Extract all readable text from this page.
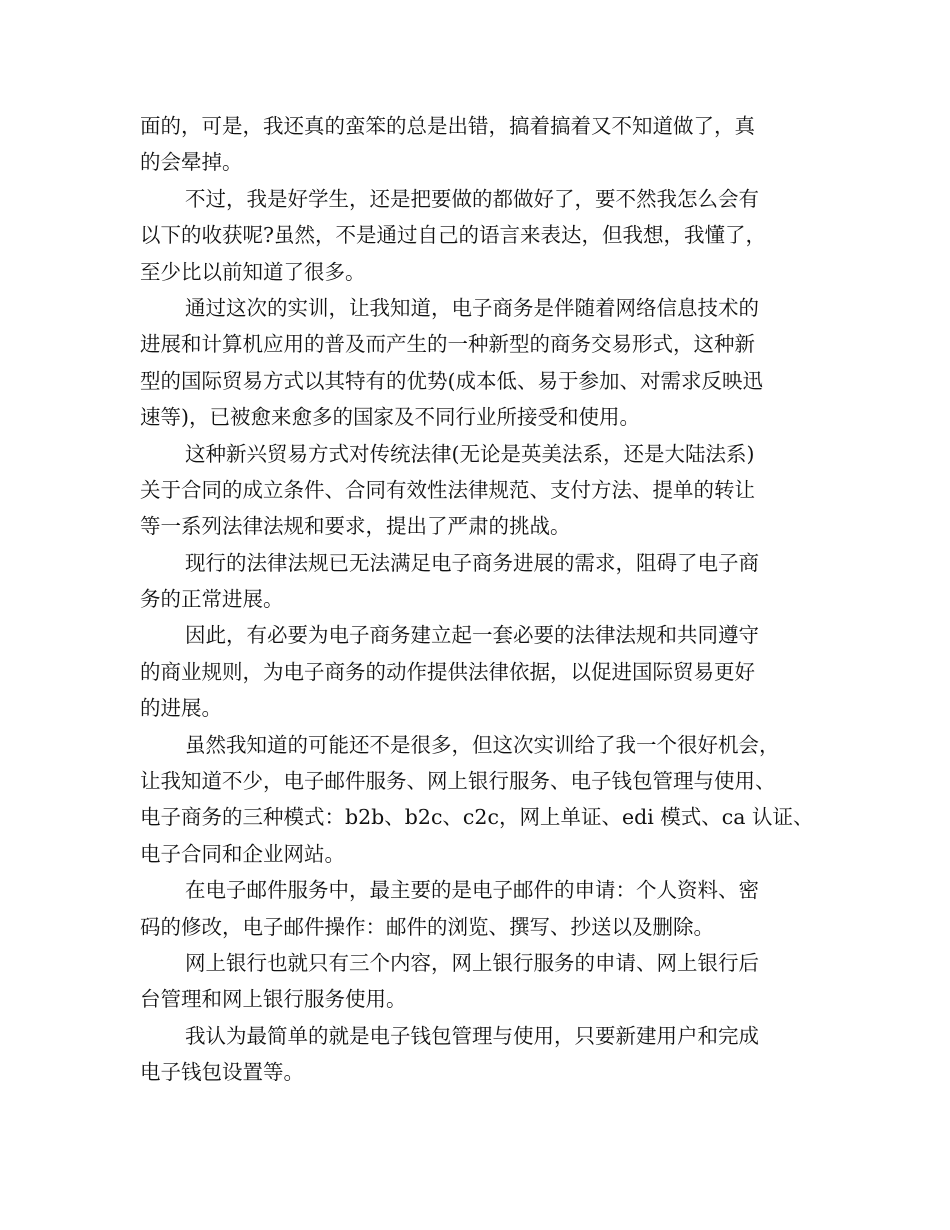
面的，可是，我还真的蛮笨的总是出错，搞着搞着又不知道做了，真
的会晕掉。

不过，我是好学生，还是把要做的都做好了，要不然我怎么会有
以下的收获呢?虽然，不是通过自己的语言来表达，但我想，我懂了，
至少比以前知道了很多。

通过这次的实训，让我知道，电子商务是伴随着网络信息技术的
进展和计算机应用的普及而产生的一种新型的商务交易形式，这种新
型的国际贸易方式以其特有的优势(成本低、易于参加、对需求反映迅
速等)，已被愈来愈多的国家及不同行业所接受和使用。

这种新兴贸易方式对传统法律(无论是英美法系，还是大陆法系)
关于合同的成立条件、合同有效性法律规范、支付方法、提单的转让
等一系列法律法规和要求，提出了严肃的挑战。

现行的法律法规已无法满足电子商务进展的需求，阻碍了电子商
务的正常进展。

因此，有必要为电子商务建立起一套必要的法律法规和共同遵守
的商业规则，为电子商务的动作提供法律依据，以促进国际贸易更好
的进展。

虽然我知道的可能还不是很多，但这次实训给了我一个很好机会，
让我知道不少，电子邮件服务、网上银行服务、电子钱包管理与使用、
电子商务的三种模式：b2b、b2c、c2c，网上单证、edi 模式、ca 认证、
电子合同和企业网站。

在电子邮件服务中，最主要的是电子邮件的申请：个人资料、密
码的修改，电子邮件操作：邮件的浏览、撰写、抄送以及删除。

网上银行也就只有三个内容，网上银行服务的申请、网上银行后
台管理和网上银行服务使用。

我认为最简单的就是电子钱包管理与使用，只要新建用户和完成
电子钱包设置等。
